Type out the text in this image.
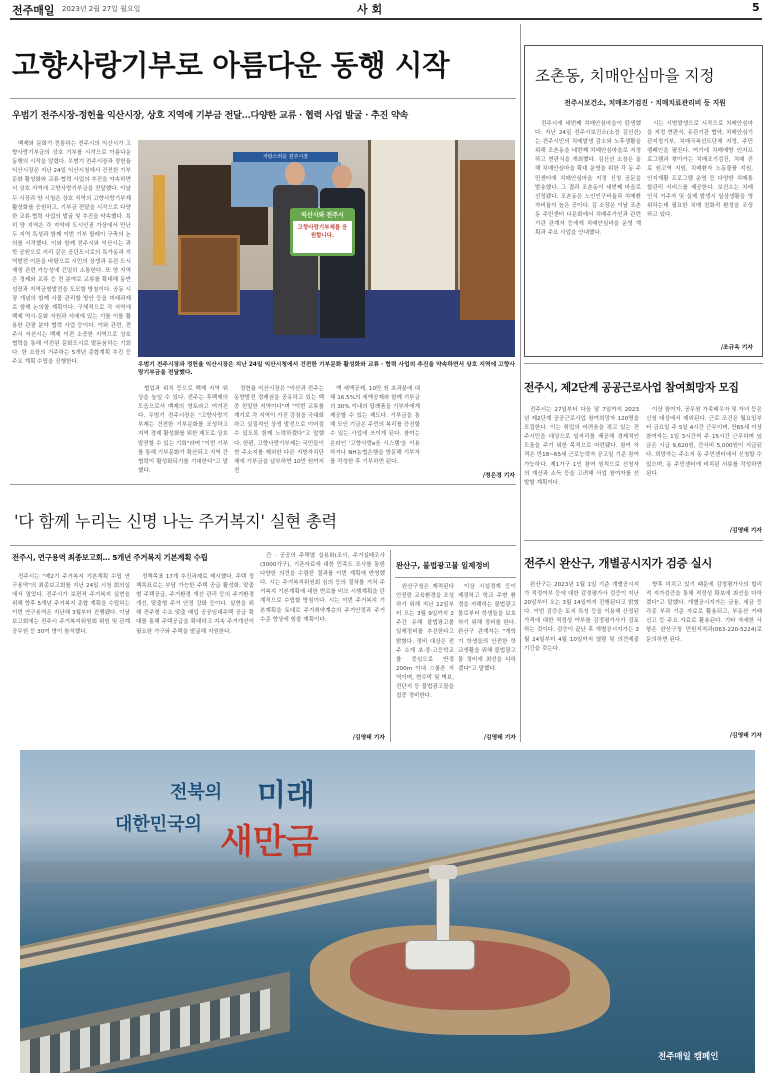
전주매일 2023년 2월 27일 월요일	사 회	5
고향사랑기부로 아름다운 동행 시작
우범기 전주시장-정헌율 익산시장, 상호 지역에 기부금 전달…다양한 교류 · 협력 사업 발굴 · 추진 약속

백제와 문화가 전통하는 전주시의 익산시가 고향사랑기부금의 상호 기부를 시작으로 아름다운 동행의 시작을 알렸다. 우범기 전주시장과 정헌율 익산시장은 지난 24일 익산시청에서 건전한 기부문화 활성화와 교류·협력 사업의 추진을 약속하면서 상호 지역에 고향사랑기부금을 전달했다. 이날 두 시장과 양 시청은 상호 지역의 고향사랑기부제 활성화를 응원하고, 기부금 전달을 시작으로 다양한 교류·협력 사업의 발굴 및 추진을 약속했다. 특히 양 지역은 각 지역에 도시인권 가상에서 만난 두 지역 특성과 함께 이번 기부 릴레이 구축의 논의를 시작했다. 이와 함께 전주시와 익산시는 과학 공원으로 지리 같은 공단도시로의 특가동과 지역발전 이론을 바탕으로 시민의 상생과 유관 도시재생 관련 가능성에 긴밀히 소통한다. 또 양 지역은 경제와 교류 등 전 분야로 교류를 확대해 동반성장과 지역균형발전을 도모할 방침이다. 공동 시장 개념의 함께 사물 관리할 방안 등을 미래과제로 함께 논의할 계획이다. 구체적으로 각 지역에 백제 역사·문화 자원과 서예에 있는 기를 이를 활용한 관광 분야 협력 사업 등이다. 이와 관련, 전주시 익산시는 백제 이전 소중한 지역으로 상호 협력을 통해 이전된 문화도시로 발돋움하는 기회다. 한 소장의 거주하는 5개년 종합계획 추진 등 주요 계획 수립을 진행한다.

자랑스러운 전주시장
익산시와 전주시
고향사랑기부제를 응원합니다.
우범기 전주시장과 정헌율 익산시장은 지난 24일 익산시청에서 건전한 기부문화 활성화와 교류 · 협력 사업의 추진을 약속하면서 상호 지역에 고향사랑기부금을 전달했다.

협업과 위치 등으로 백제 지역 위상을 높일 수 있다. 전주는 후백제의 도읍으로서 백제의 영토라고 여겨진다. 우범기 전주시장은 "고향사랑기부제는 건전한 기부문화를 조성하고 지역 경제 활성화를 위한 제도로 상호 발전할 수 있는 기회"라며 "이번 기부를 통해 기부문화가 확산되고 지역 간 협력이 활성화되기를 기대한다"고 말했다.

정헌율 익산시장은 "익산과 전주는 동향발전 경제권을 공유하고 있는 벡 중 친밀한 지역이다"며 "이번 교류를 계기로 각 지역이 가진 강점을 극대화하고 실질적인 상생 발전으로 이어질 수 있도록 함께 노력하겠다"고 말했다. 한편, 고향사랑기부제는 국민들이 현 주소지를 제외한 다른 지방자치단체에 기부금을 납부하면 10만 원까지 전

액 세액공제, 10만 원 초과분에 대해 16.5%의 세액공제와 함께 기부금의 30% 이내의 답례품을 기부자에게 제공할 수 있는 제도다. 기부금을 통해 모인 기금은 주민의 복리를 증진할 수 있는 사업에 쓰이게 된다. 참여는 온라인 '고향사랑e음 시스템'을 이용하거나 NH농협은행을 방문해 기부자를 작성한 후 기부하면 된다.

/정은경 기자
조촌동, 치매안심마을 지정
전주시보건소, 치매조기검진 · 치매치료관리비 등 지원

전주시에 네번째 치매안심마을이 탄생했다. 지난 24일 전주시보건소(소장 김신선)는 전주시민의 치매발생 감소와 노후생활을 위해 조촌동을 네번째 치매안심마을로 지정하고 현판식을 개최했다. 김신선 소장은 올해 치매안심마을 확대 운영을 위한 각 동 주민센터에 치매안심마을 지정 신청 공문을 발송했다. 그 결과 조촌동이 네번째 마을로 선정됐다. 조촌동은 노인인구비율과 치매환자비율이 높은 곳이다. 김 소장은 이날 조촌동 주민센터 다문화에서 치매주가인과 관련 기관 관계자 등에게 치매안심마을 운영 계획과 주요 사업을 안내했다.

시는 시범발생으로 시작으로 치매안심마을 지정 현판식, 유관기관 협약, 치매안심기관지정기부, 치매극복선도단체 지정, 주민 캠페인을 펼친다. 여기에 치매예방 인지프로그램과 찾아가는 치매조기검진, 치매 진료 원고역 지원, 치매환자 노동물품 지원, 인지재활 프로그램 운영 등 다양한 치매통합관리 서비스를 제공한다. 보건소는 치매인식 거주자 및 실제 발생시 일상생활을 영위하는데 필요한 치매 친화적 환경을 조성하고 있다.

/조규옥 기자
전주시, 제2단계 공공근로사업 참여희망자 모집

전주시는 27일부터 다음 달 7일까지 2023년 제2단계 공공근로사업 참여희망자 120명을 모집한다. 이는 취업의 어려움을 겪고 있는 전주시민을 대상으로 일자리를 제공해 경제적인 도움을 주기 위한 목적으로 마련됐다. 참여 자격은 만18~65세 근로능력자 공고일 기준 참여 가능하다. 제1가구 1인 참여 원칙으로 신청자의 재산과 소득 등을 고려해 사업 참여자를 선발할 계획이다.

이상 참여자, 공무원 가족배우자 및 자녀 등은 신청 대상에서 제외된다. 근로 조건은 월요일부터 금요일 주 5일 4시간 근무이며, 만65세 이상 참여자는 1일 3시간씩 주 15시간 근무하며 임금은 시급 9,620원, 간식비 5,000원이 지급된다. 희망자는 주소지 동 주민센터에서 신청할 수 있으며, 동 주민센터에 비치된 서류를 작성하면 된다.

/김영태 기자
전주시 완산구, 개별공시지가 검증 실시

완산구는 2023년 1월 1일 기준 개별공시지가 적정여부 등에 대한 감정평가사 검증이 지난 20일부터 오는 3월 14일까지 진행된다고 밝혔다. 이번 검증은 토지 특성 등을 이용해 산정된 가격에 대한 적정성 여부를 감정평가사가 검토하는 것이다. 검증이 끝난 후 개별공시지가는 3월 24일부터 4월 10일까지 열람 및 의견제출 기간을 갖는다.

향후 미치고 있기 때문에 감정평가사의 합리적 지가검증을 통해 적정성 확보에 최선을 다하겠다"고 말했다. 개별공시지가는 금융, 세금 등 각종 부과 기준 자료로 활용되고, 부동산 거래 신고 등 주요 자료로 활용된다. 기타 자세한 사항은 완산구청 민원지적과(063-220-5224)로 문의하면 된다.

/김영태 기자
'다 함께 누리는 신명 나는 주거복지' 실현 총력
전주시, 연구용역 최종보고회… 5개년 주거복지 기본계획 수립

전주시는 "제2기 주거복지 기본계획 수립 연구용역"의 최종보고회를 지난 24일 시청 회의실에서 열었다. 전주시가 보편적 주거복지 실현을 위해 향후 5개년 주거복지 종합 계획을 수립하는 이번 연구용역은 지난해 3월부터 진행됐다. 이날 보고회에는 전주시 주거복지위원회 위원 및 관계 공무원 등 30여 명이 참석했다.

정책목표 17개 추진과제로 제시했다. 주택 정책목표로는 부담 가능한 주택 공급 활성화, 맞춤형 주택공급, 주거환경 개선 관리 등의 주거환경개선, 맞춤형 주거 안정 강화 등이다. 실현을 위해 전주형 수요 맞춤 매입 공공임대주택 공급 확대를 통해 주택공급을 확대하고 지속 주거개선이 필요한 가구와 주택을 발굴해 지원한다.

간 · 공공의 주택멸 실용화(조사, 주거실태조사(3000가구), 기존자료에 대한 민족도 조사를 통한 다양한 의견을 수렴한 결과를 이번 계획에 반영했다. 시는 주거복지위원회 심의 등의 절차를 거쳐 주거복지 기본계획에 대한 면로를 비모 시행계획을 단계적으로 수립할 방침이다. 시는 이번 주거복지 기본계획을 토대로 주거취약계층의 주거안정과 주거수준 향상에 힘쓸 계획이다.

/김영태 기자
완산구, 불법광고물 일제정비

완산구청은 제적된다 안전한 교육환경을 조성하기 위해 지난 22일부터 오는 3월 9일까지 2주간 유해 불법광고물 일제정비를 추진한다고 밝혔다. 정비 대상은 전주 소재 초·중·고등학교를 중심으로 반경 200m 이내 스쿨존 지역이며, 현수막 및 벽보, 전단지 등 불법광고물을 집중 정비한다.

이상 시설경계 등이 제정하고 학교 주변 환경을 저해하는 불법광고물로부터 학생들을 보호하기 위해 정비를 한다. 완산구 관계자는 "개학기 학생들의 안전한 학교생활을 위해 불법광고물 정비에 최선을 다하겠다"고 말했다.

/김영태 기자
전북의
대한민국의
미래
새만금
전주매일 캠페인
